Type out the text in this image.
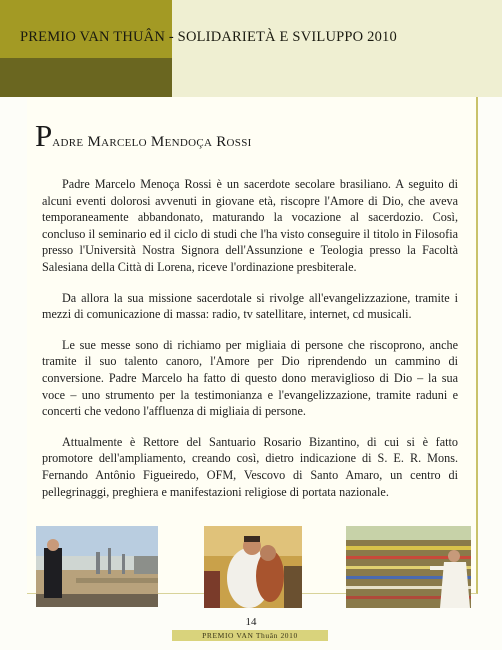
PREMIO VAN THUÂN - SOLIDARIETÀ E SVILUPPO 2010
Padre Marcelo Mendoça Rossi

Padre Marcelo Menoça Rossi è un sacerdote secolare brasiliano. A seguito di alcuni eventi dolorosi avvenuti in giovane età, riscopre l'Amore di Dio, che aveva temporaneamente abbandonato, maturando la vocazione al sacerdozio. Così, concluso il seminario ed il ciclo di studi che l'ha visto conseguire il titolo in Filosofia presso l'Università Nostra Signora dell'Assunzione e Teologia presso la Facoltà Salesiana della Città di Lorena, riceve l'ordinazione presbiterale.

Da allora la sua missione sacerdotale si rivolge all'evangelizzazione, tramite i mezzi di comunicazione di massa: radio, tv satellitare, internet, cd musicali.

Le sue messe sono di richiamo per migliaia di persone che riscoprono, anche tramite il suo talento canoro, l'Amore per Dio riprendendo un cammino di conversione. Padre Marcelo ha fatto di questo dono meraviglioso di Dio – la sua voce – uno strumento per la testimonianza e l'evangelizzazione, tramite raduni e concerti che vedono l'affluenza di migliaia di persone.

Attualmente è Rettore del Santuario Rosario Bizantino, di cui si è fatto promotore dell'ampliamento, creando così, dietro indicazione di S. E. R. Mons. Fernando Antônio Figueiredo, OFM, Vescovo di Santo Amaro, un centro di pellegrinaggi, preghiera e manifestazioni religiose di portata nazionale.

14
PREMIO VAN Thuân 2010
